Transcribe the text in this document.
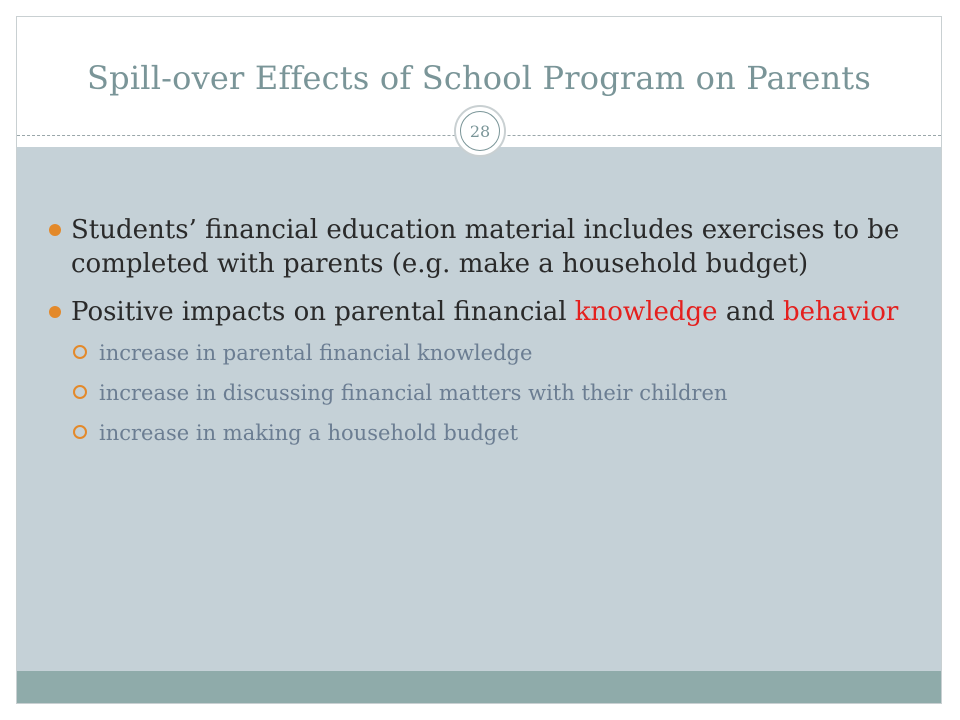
Spill-over Effects of School Program on Parents
28
Students’ financial education material includes exercises to be completed with parents (e.g. make a household budget)
Positive impacts on parental financial knowledge and behavior
increase in parental financial knowledge
increase in discussing financial matters with their children
increase in making a household budget
